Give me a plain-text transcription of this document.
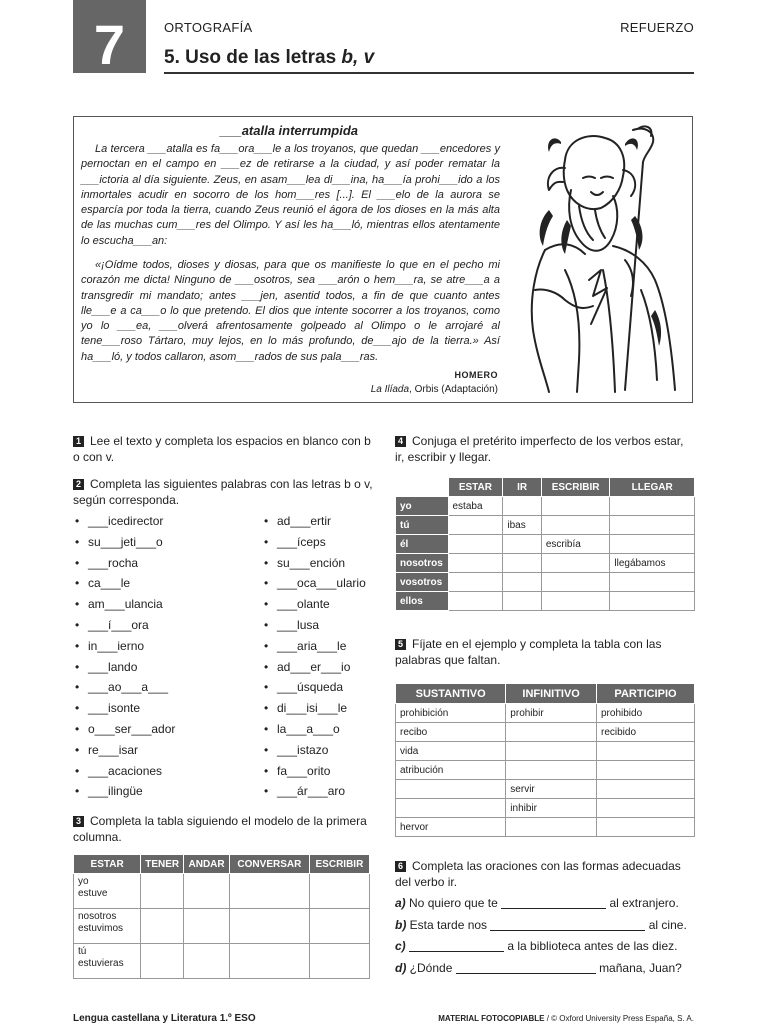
7	ORTOGRAFÍA	REFUERZO
5. Uso de las letras b, v
___atalla interrumpida
La tercera ___atalla es fa___ora___le a los troyanos, que quedan ___encedores y pernoctan en el campo en ___ez de retirarse a la ciudad, y así poder rematar la ___ictoria al día siguiente. Zeus, en asam___lea di___ina, ha___ía prohi___ido a los inmortales acudir en socorro de los hom___res [...]. El ___elo de la aurora se esparcía por toda la tierra, cuando Zeus reunió el ágora de los dioses en la más alta de las muchas cum___res del Olimpo. Y así les ha___ló, mientras ellos atentamente lo escucha___an:
«¡Oídme todos, dioses y diosas, para que os manifieste lo que en el pecho mi corazón me dicta! Ninguno de ___osotros, sea ___arón o hem___ra, se atre___a a transgredir mi mandato; antes ___jen, asentid todos, a fin de que cuanto antes lle___e a ca___o lo que pretendo. El dios que intente socorrer a los troyanos, como yo lo ___ea, ___olverá afrentosamente golpeado al Olimpo o le arrojaré al tene___roso Tártaro, muy lejos, en lo más profundo, de___ajo de la tierra.» Así ha___ló, y todos callaron, asom___rados de sus pala___ras.
HOMERO
La Ilíada, Orbis (Adaptación)
1 Lee el texto y completa los espacios en blanco con b o con v.
2 Completa las siguientes palabras con las letras b o v, según corresponda.
• ___icedirector
• su___jeti___o
• ___rocha
• ca___le
• am___ulancia
• ___í___ora
• in___ierno
• ___lando
• ___ao___a___
• ___isonte
• o___ser___ador
• re___isar
• ___acaciones
• ___ilingüe
• ad___ertir
• ___íceps
• su___ención
• ___oca___ulario
• ___olante
• ___lusa
• ___aria___le
• ad___er___io
• ___úsqueda
• di___isi___le
• la___a___o
• ___istazo
• fa___orito
• ___ár___aro
3 Completa la tabla siguiendo el modelo de la primera columna.
ESTAR	TENER	ANDAR	CONVERSAR	ESCRIBIR

yo
estuve				

nosotros
estuvimos				

tú
estuvieras				

4 Conjuga el pretérito imperfecto de los verbos estar, ir, escribir y llegar.
	ESTAR	IR	ESCRIBIR	LLEGAR
yo	estaba			
tú		ibas		
él			escribía	
nosotros				llegábamos
vosotros				
ellos				
5 Fíjate en el ejemplo y completa la tabla con las palabras que faltan.
SUSTANTIVO	INFINITIVO	PARTICIPIO
prohibición	prohibir	prohibido
recibo		recibido
vida		
atribución		
	servir	
	inhibir	
hervor		
6 Completa las oraciones con las formas adecuadas del verbo ir.
a) No quiero que te	al extranjero.
b) Esta tarde nos	al cine.
c)	a la biblioteca antes de las diez.
d) ¿Dónde	mañana, Juan?
Lengua castellana y Literatura 1.º ESO	MATERIAL FOTOCOPIABLE / © Oxford University Press España, S. A.
